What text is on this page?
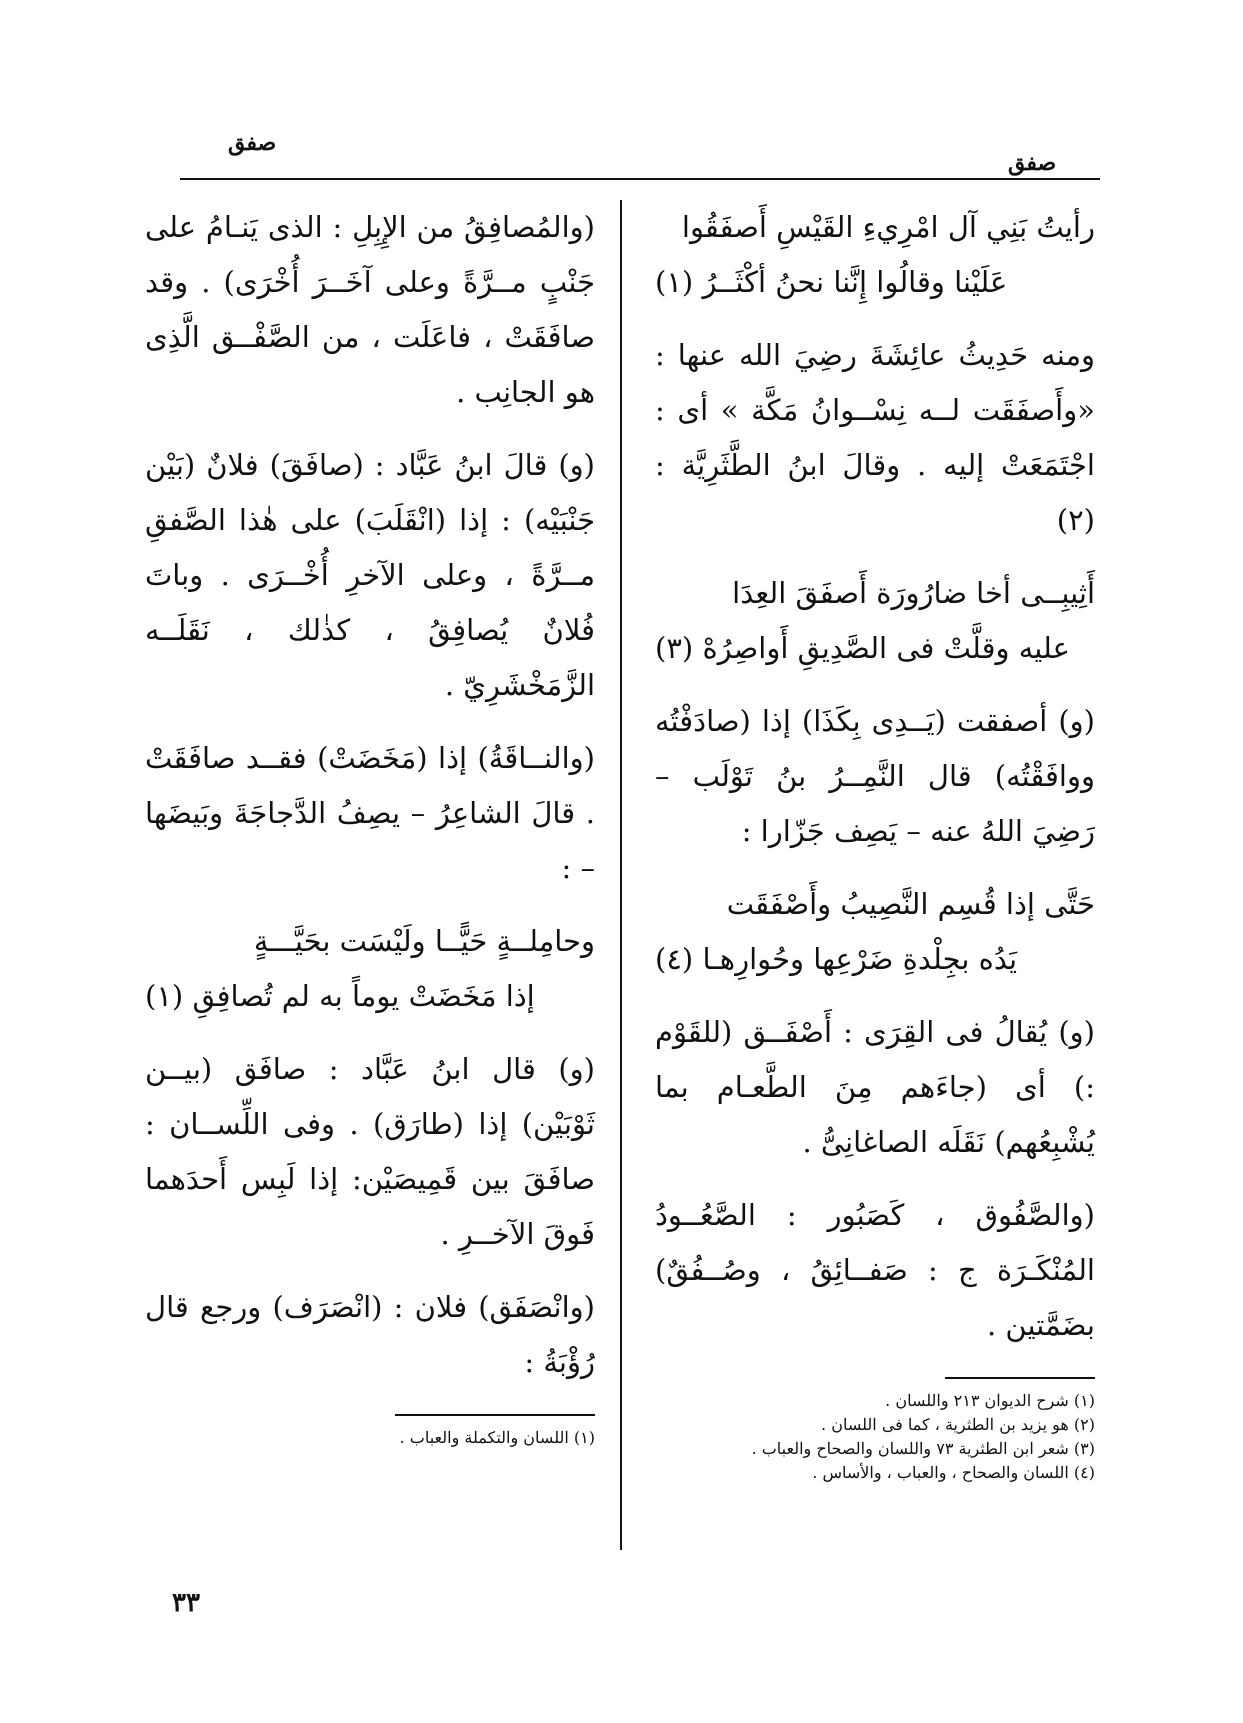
صفق
صفق
رأيتُ بَنِي آل امْرِيءِ القَيْسِ أَصفَقُوا
عَلَيْنا وقالُوا إِنَّنا نحنُ أكْثَــرُ (١)

ومنه حَدِيثُ عائِشَةَ رضِيَ الله عنها : «وأَصفَقَت لــه نِسْــوانُ مَكَّة » أى : اجْتَمَعَتْ إليه . وقالَ ابنُ الطَّثَرِيَّة : (٢)

أَثِيبِــى أخا ضارُورَة أَصفَقَ العِدَا
عليه وقلَّتْ فى الصَّدِيقِ أَواصِرُهْ (٣)

(و) أصفقت (يَــدِى بِكَذَا) إذا (صادَفْتُه ووافَقْتُه) قال النَّمِــرُ بنُ تَوْلَب – رَضِيَ اللهُ عنه – يَصِف جَزّارا :

حَتَّى إذا قُسِم النَّصِيبُ وأَصْفَقَت
يَدُه بجِلْدةِ ضَرْعِها وحُوارِهـا (٤)

(و) يُقالُ فى القِرَى : أَصْفَــق (للقَوْم :) أى (جاءَهم مِنَ الطَّعـام بما يُشْبِعُهم) نَقَلَه الصاغانِىُّ .

(والصَّفُوق ، كَصَبُور : الصَّعُــودُ المُنْكَـرَة ج : صَفــائِقُ ، وصُــفُقٌ) بضَمَّتين .

(١) شرح الديوان ٢١٣ واللسان .
(٢) هو يزيد بن الطثرية ، كما فى اللسان .
(٣) شعر ابن الطثرية ٧٣ واللسان والصحاح والعباب .
(٤) اللسان والصحاح ، والعباب ، والأساس .

(والمُصافِقُ من الإِبِلِ : الذى يَنـامُ على جَنْبٍ مــرَّةً وعلى آخَــرَ أُخْرَى) . وقد صافَقَتْ ، فاعَلَت ، من الصَّفْــق الَّذِى هو الجانِب .

(و) قالَ ابنُ عَبَّاد : (صافَقَ) فلانٌ (بَيْن جَنْبَيْه) : إذا (انْقَلَبَ) على هٰذا الصَّفقِ مــرَّةً ، وعلى الآخرِ أُخْــرَى . وباتَ فُلانٌ يُصافِقُ ، كذٰلك ، نَقَلَــه الزَّمَخْشَرِيّ .

(والنــاقَةُ) إذا (مَخَضَتْ) فقــد صافَقَتْ . قالَ الشاعِرُ – يصِفُ الدَّجاجَةَ وبَيضَها – :

وحامِلــةٍ حَيًّــا ولَيْسَت بحَيَّـــةٍ
إذا مَخَضَتْ يوماً به لم تُصافِقِ (١)

(و) قال ابنُ عَبَّاد : صافَق (بيــن ثَوْبَيْن) إذا (طارَق) . وفى اللِّســان : صافَقَ بين قَمِيصَيْن: إذا لَبِس أَحدَهما فَوقَ الآخــرِ .

(وانْصَفَق) فلان : (انْصَرَف) ورجع قال رُؤْبَةُ :

(١) اللسان والتكملة والعباب .
٣٣
